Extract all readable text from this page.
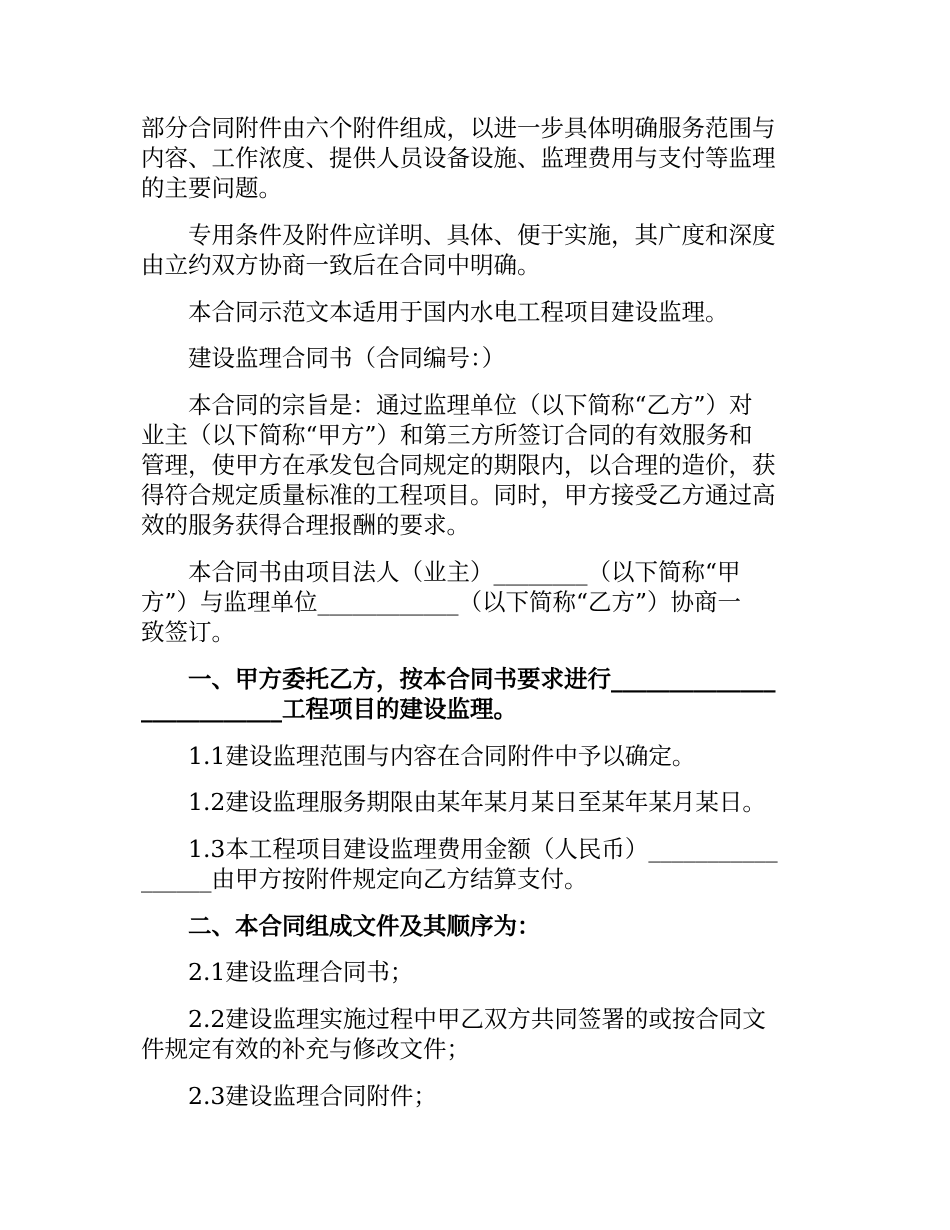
部分合同附件由六个附件组成，以进一步具体明确服务范围与
内容、工作浓度、提供人员设备设施、监理费用与支付等监理
的主要问题。
专用条件及附件应详明、具体、便于实施，其广度和深度
由立约双方协商一致后在合同中明确。
本合同示范文本适用于国内水电工程项目建设监理。
建设监理合同书（合同编号：）
本合同的宗旨是：通过监理单位（以下简称“乙方”）对
业主（以下简称“甲方”）和第三方所签订合同的有效服务和
管理，使甲方在承发包合同规定的期限内，以合理的造价，获
得符合规定质量标准的工程项目。同时，甲方接受乙方通过高
效的服务获得合理报酬的要求。
本合同书由项目法人（业主）________（以下简称“甲
方”）与监理单位____________（以下简称“乙方”）协商一
致签订。
一、甲方委托乙方，按本合同书要求进行______________
____________工程项目的建设监理。
1.1建设监理范围与内容在合同附件中予以确定。
1.2建设监理服务期限由某年某月某日至某年某月某日。
1.3本工程项目建设监理费用金额（人民币）___________
______由甲方按附件规定向乙方结算支付。
二、本合同组成文件及其顺序为：
2.1建设监理合同书；
2.2建设监理实施过程中甲乙双方共同签署的或按合同文
件规定有效的补充与修改文件；
2.3建设监理合同附件；
